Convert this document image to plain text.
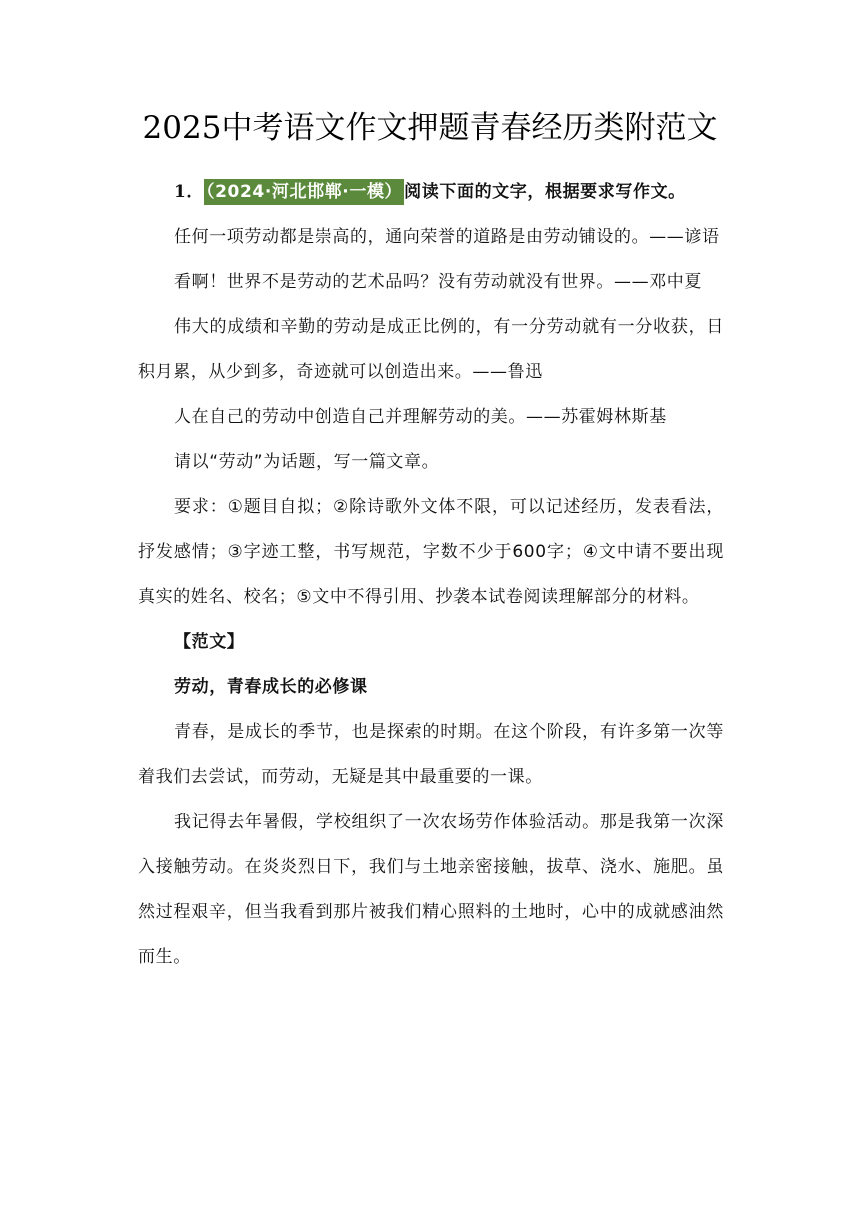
2025中考语文作文押题青春经历类附范文

1． （2024·河北邯郸·一模） 阅读下面的文字，根据要求写作文。

任何一项劳动都是崇高的，通向荣誉的道路是由劳动铺设的。——谚语

看啊！世界不是劳动的艺术品吗？没有劳动就没有世界。——邓中夏

伟大的成绩和辛勤的劳动是成正比例的，有一分劳动就有一分收获，日积月累，从少到多，奇迹就可以创造出来。——鲁迅

人在自己的劳动中创造自己并理解劳动的美。——苏霍姆林斯基

请以“劳动”为话题，写一篇文章。

要求：①题目自拟；②除诗歌外文体不限，可以记述经历，发表看法，抒发感情；③字迹工整，书写规范，字数不少于600字；④文中请不要出现真实的姓名、校名；⑤文中不得引用、抄袭本试卷阅读理解部分的材料。

【范文】

劳动，青春成长的必修课

青春，是成长的季节，也是探索的时期。在这个阶段，有许多第一次等着我们去尝试，而劳动，无疑是其中最重要的一课。

我记得去年暑假，学校组织了一次农场劳作体验活动。那是我第一次深入接触劳动。在炎炎烈日下，我们与土地亲密接触，拔草、浇水、施肥。虽然过程艰辛，但当我看到那片被我们精心照料的土地时，心中的成就感油然而生。
